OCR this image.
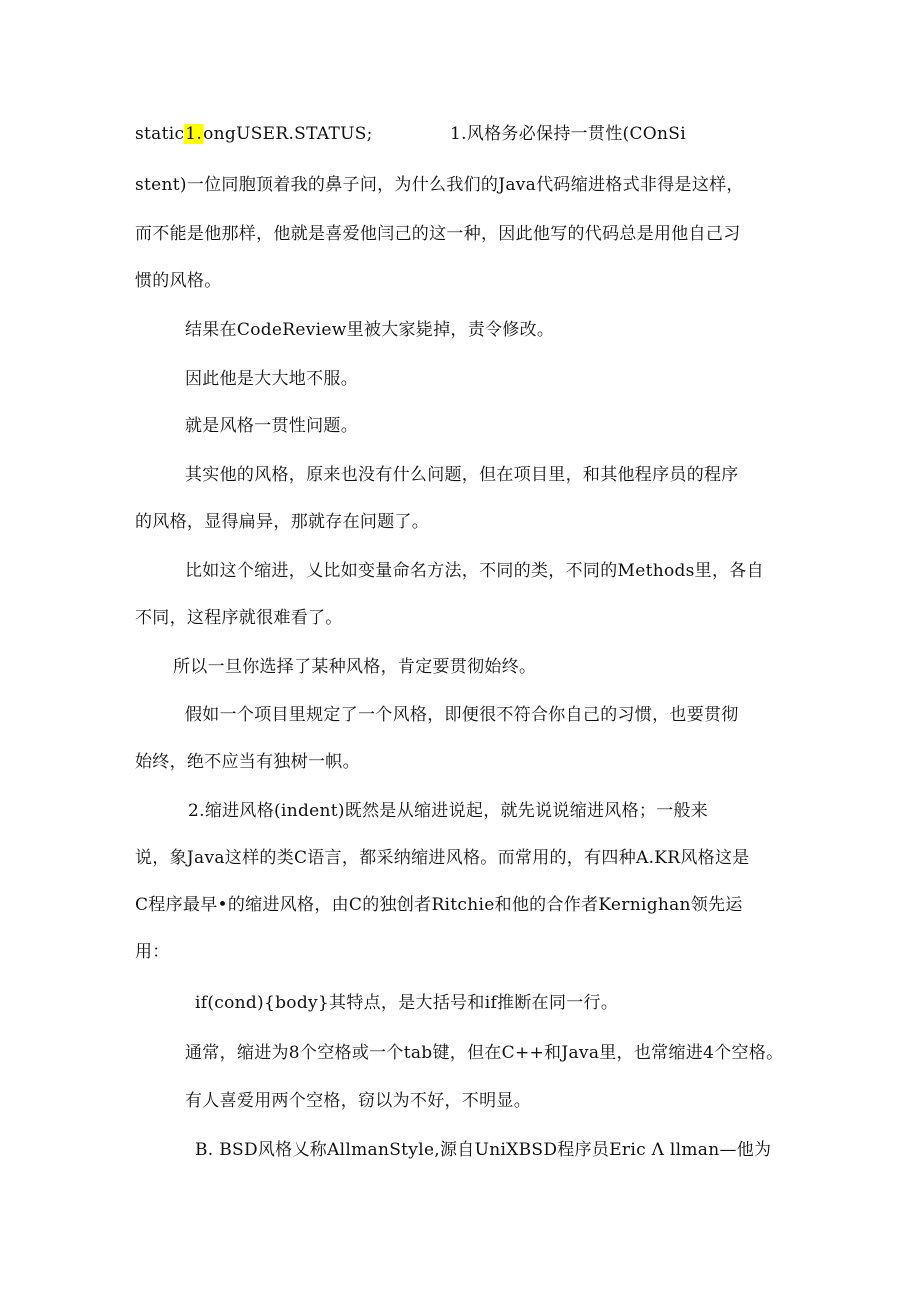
static1.ongUSER.STATUS;	1.风格务必保持一贯性(COnSi
stent)一位同胞顶着我的鼻子问，为什么我们的Java代码缩进格式非得是这样，
而不能是他那样，他就是喜爱他闫己的这一种，因此他写的代码总是用他自己习
惯的风格。
结果在CodeReview里被大家毙掉，责令修改。
因此他是大大地不服。
就是风格一贯性问题。
其实他的风格，原来也没有什么问题，但在项目里，和其他程序员的程序
的风格，显得扁异，那就存在问题了。
比如这个缩进，乂比如变量命名方法，不同的类，不同的Methods里，各自
不同，这程序就很难看了。
所以一旦你选择了某种风格，肯定要贯彻始终。
假如一个项目里规定了一个风格，即便很不符合你自己的习惯，也要贯彻
始终，绝不应当有独树一帜。
2.缩进风格(indent)既然是从缩进说起，就先说说缩进风格；一般来
说，象Java这样的类C语言，都采纳缩进风格。而常用的，有四种A.KR风格这是
C程序最早•的缩进风格，由C的独创者Ritchie和他的合作者Kernighan领先运
用：
if(cond){body}其特点，是大括号和if推断在同一行。
通常，缩进为8个空格或一个tab键，但在C++和Java里，也常缩进4个空格。
有人喜爱用两个空格，窃以为不好，不明显。
B. BSD风格乂称AllmanStyle,源自UniXBSD程序员Eric Λ llman—他为
